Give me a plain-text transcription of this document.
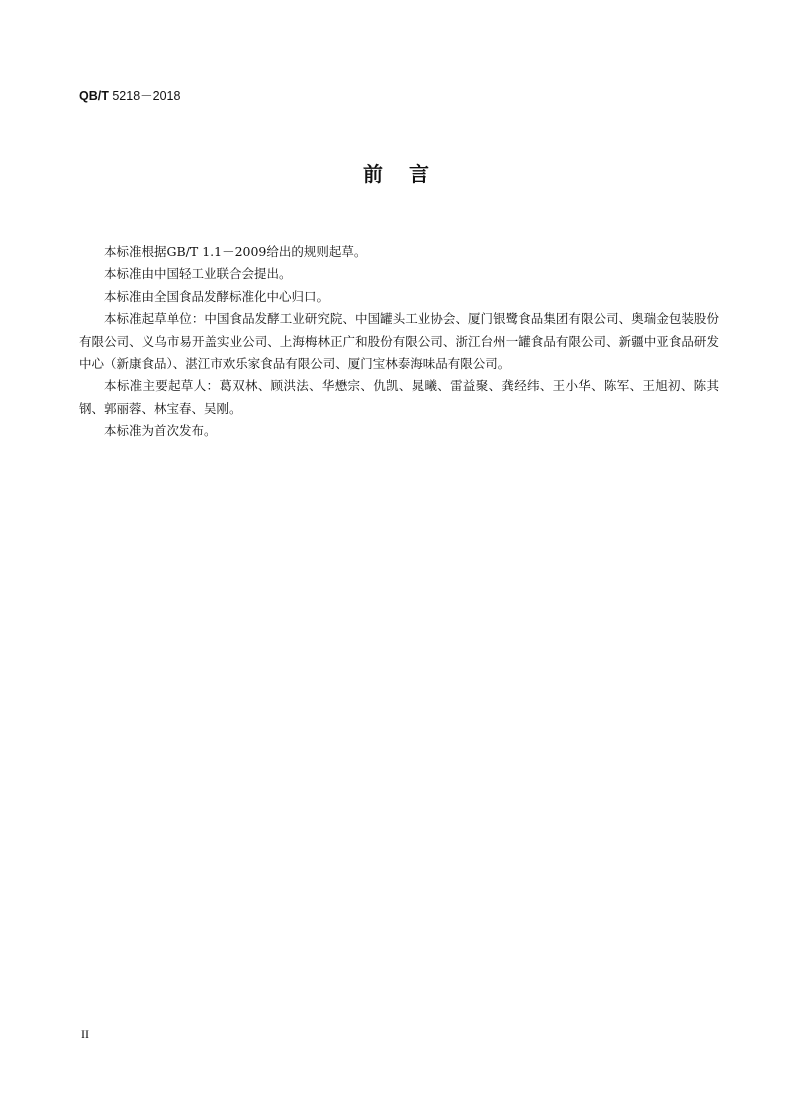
QB/T 5218－2018
前言

本标准根据GB/T 1.1－2009给出的规则起草。

本标准由中国轻工业联合会提出。

本标准由全国食品发酵标准化中心归口。

本标准起草单位：中国食品发酵工业研究院、中国罐头工业协会、厦门银鹭食品集团有限公司、奥瑞金包装股份有限公司、义乌市易开盖实业公司、上海梅林正广和股份有限公司、浙江台州一罐食品有限公司、新疆中亚食品研发中心（新康食品）、湛江市欢乐家食品有限公司、厦门宝林泰海味品有限公司。

本标准主要起草人：葛双林、顾洪法、华懋宗、仇凯、晁曦、雷益聚、龚经纬、王小华、陈军、王旭初、陈其钢、郭丽蓉、林宝春、吴刚。

本标准为首次发布。

II
